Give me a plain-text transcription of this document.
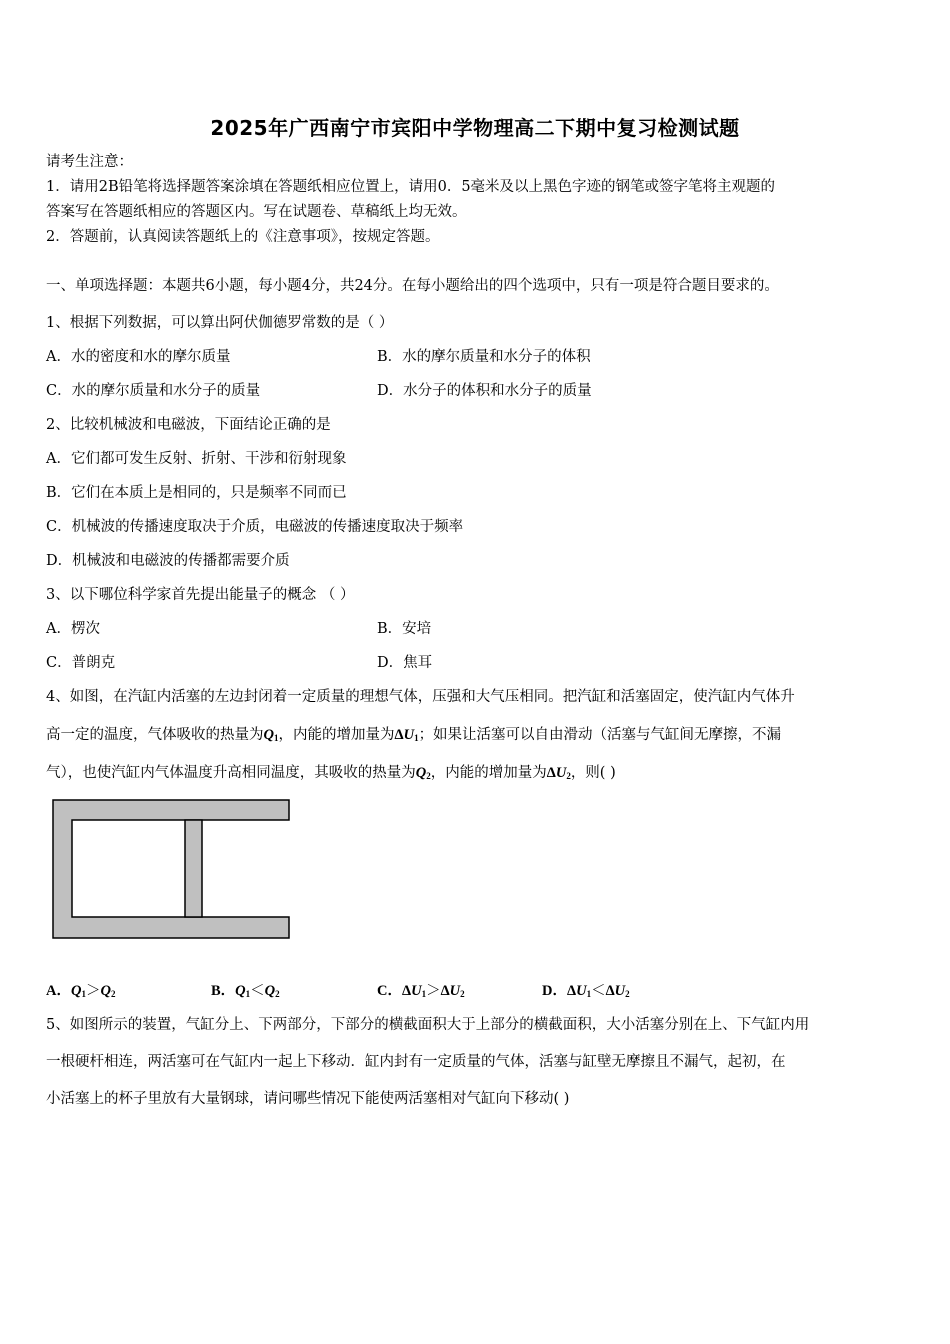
2025年广西南宁市宾阳中学物理高二下期中复习检测试题
请考生注意：
1．请用2B铅笔将选择题答案涂填在答题纸相应位置上，请用0．5毫米及以上黑色字迹的钢笔或签字笔将主观题的
答案写在答题纸相应的答题区内。写在试题卷、草稿纸上均无效。
2．答题前，认真阅读答题纸上的《注意事项》，按规定答题。
一、单项选择题：本题共6小题，每小题4分，共24分。在每小题给出的四个选项中，只有一项是符合题目要求的。
1、根据下列数据，可以算出阿伏伽德罗常数的是（ ）
A．水的密度和水的摩尔质量	B．水的摩尔质量和水分子的体积
C．水的摩尔质量和水分子的质量	D．水分子的体积和水分子的质量
2、比较机械波和电磁波，下面结论正确的是
A．它们都可发生反射、折射、干涉和衍射现象
B．它们在本质上是相同的，只是频率不同而已
C．机械波的传播速度取决于介质，电磁波的传播速度取决于频率
D．机械波和电磁波的传播都需要介质
3、以下哪位科学家首先提出能量子的概念 （ ）
A．楞次	B．安培
C．普朗克	D．焦耳
4、如图，在汽缸内活塞的左边封闭着一定质量的理想气体，压强和大气压相同。把汽缸和活塞固定，使汽缸内气体升
高一定的温度，气体吸收的热量为$Q_1$，内能的增加量为$\Delta U_1$；如果让活塞可以自由滑动（活塞与气缸间无摩擦，不漏
气），也使汽缸内气体温度升高相同温度，其吸收的热量为$Q_2$，内能的增加量为$\Delta U_2$，则( )
A．$Q_1>Q_2$	B．$Q_1<Q_2$	C．$\Delta U_1>\Delta U_2$	D．$\Delta U_1<\Delta U_2$
5、如图所示的装置，气缸分上、下两部分，下部分的横截面积大于上部分的横截面积，大小活塞分别在上、下气缸内用
一根硬杆相连，两活塞可在气缸内一起上下移动．缸内封有一定质量的气体，活塞与缸壁无摩擦且不漏气，起初，在
小活塞上的杯子里放有大量钢球，请问哪些情况下能使两活塞相对气缸向下移动( )
